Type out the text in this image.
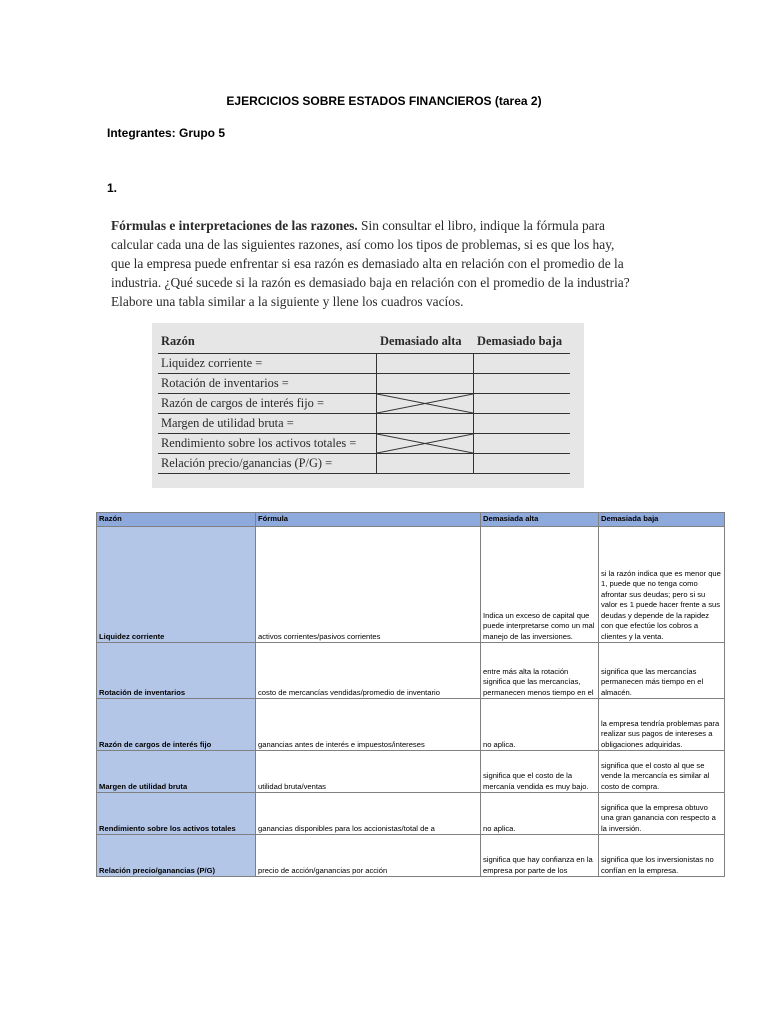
EJERCICIOS SOBRE ESTADOS FINANCIEROS (tarea 2)
Integrantes: Grupo 5
1.
Fórmulas e interpretaciones de las razones. Sin consultar el libro, indique la fórmula para calcular cada una de las siguientes razones, así como los tipos de problemas, si es que los hay, que la empresa puede enfrentar si esa razón es demasiado alta en relación con el promedio de la industria. ¿Qué sucede si la razón es demasiado baja en relación con el promedio de la industria? Elabore una tabla similar a la siguiente y llene los cuadros vacíos.
Razón	Demasiado alta	Demasiado baja
Liquidez corriente =		
Rotación de inventarios =		
Razón de cargos de interés fijo =	

Margen de utilidad bruta =		
Rendimiento sobre los activos totales =	

Relación precio/ganancias (P/G) =		
Razón	Fórmula	Demasiada alta	Demasiada baja
Liquidez corriente	activos corrientes/pasivos corrientes	Indica un exceso de capital que puede interpretarse como un mal manejo de las inversiones.	si la razón indica que es menor que 1, puede que no tenga como afrontar sus deudas; pero si su valor es 1 puede hacer frente a sus deudas y depende de la rapidez con que efectúe los cobros a clientes y la venta.
Rotación de inventarios	costo de mercancías vendidas/promedio de inventario	entre más alta la rotación significa que las mercancías, permanecen menos tiempo en el	significa que las mercancías permanecen más tiempo en el almacén.
Razón de cargos de interés fijo	ganancias antes de interés e impuestos/intereses	no aplica.	la empresa tendría problemas para realizar sus pagos de intereses a obligaciones adquiridas.
Margen de utilidad bruta	utilidad bruta/ventas	significa que el costo de la mercanía vendida es muy bajo.	significa que el costo al que se vende la mercancía es similar al costo de compra.
Rendimiento sobre los activos totales	ganancias disponibles para los accionistas/total de a	no aplica.	significa que la empresa obtuvo una gran ganancia con respecto a la inversión.
Relación precio/ganancias (P/G)	precio de acción/ganancias por acción	significa que hay confianza en la empresa por parte de los	significa que los inversionistas no confían en la empresa.
